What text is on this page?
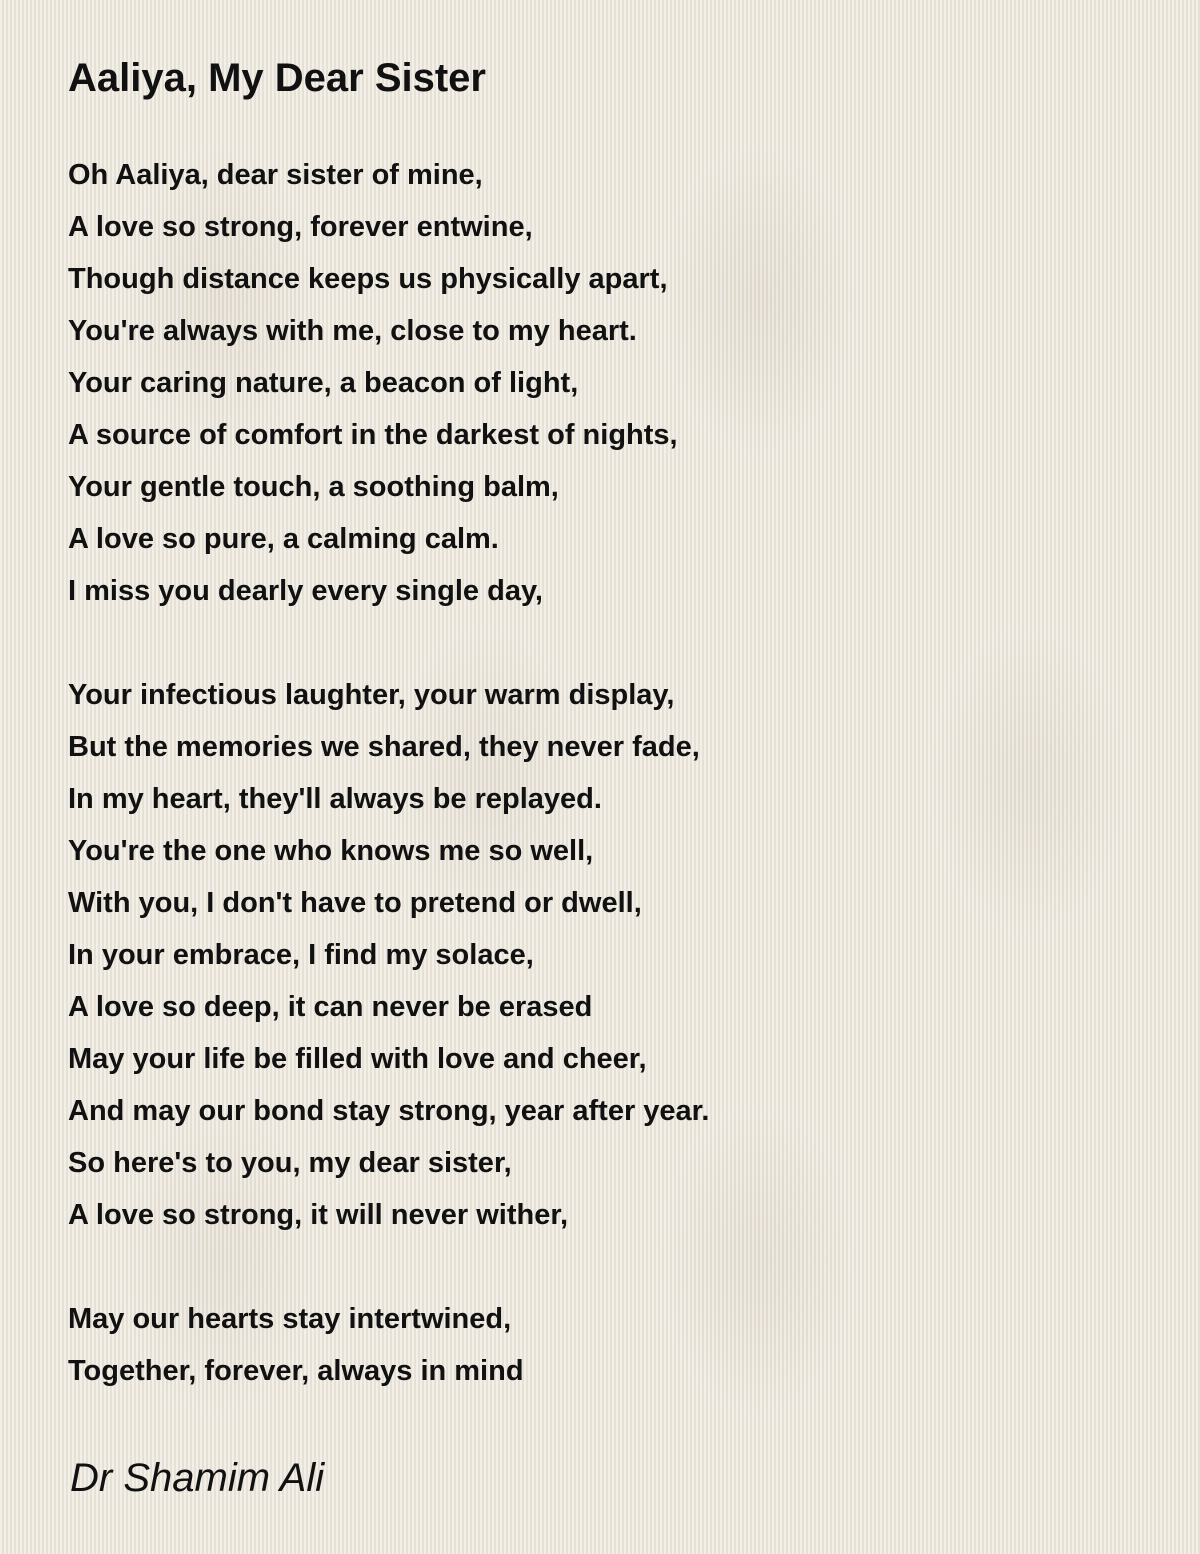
Aaliya, My Dear Sister
Oh Aaliya, dear sister of mine,
A love so strong, forever entwine,
Though distance keeps us physically apart,
You're always with me, close to my heart.
Your caring nature, a beacon of light,
A source of comfort in the darkest of nights,
Your gentle touch, a soothing balm,
A love so pure, a calming calm.
I miss you dearly every single day,
Your infectious laughter, your warm display,
But the memories we shared, they never fade,
In my heart, they'll always be replayed.
You're the one who knows me so well,
With you, I don't have to pretend or dwell,
In your embrace, I find my solace,
A love so deep, it can never be erased
May your life be filled with love and cheer,
And may our bond stay strong, year after year.
So here's to you, my dear sister,
A love so strong, it will never wither,
May our hearts stay intertwined,
Together, forever, always in mind

Dr Shamim Ali
